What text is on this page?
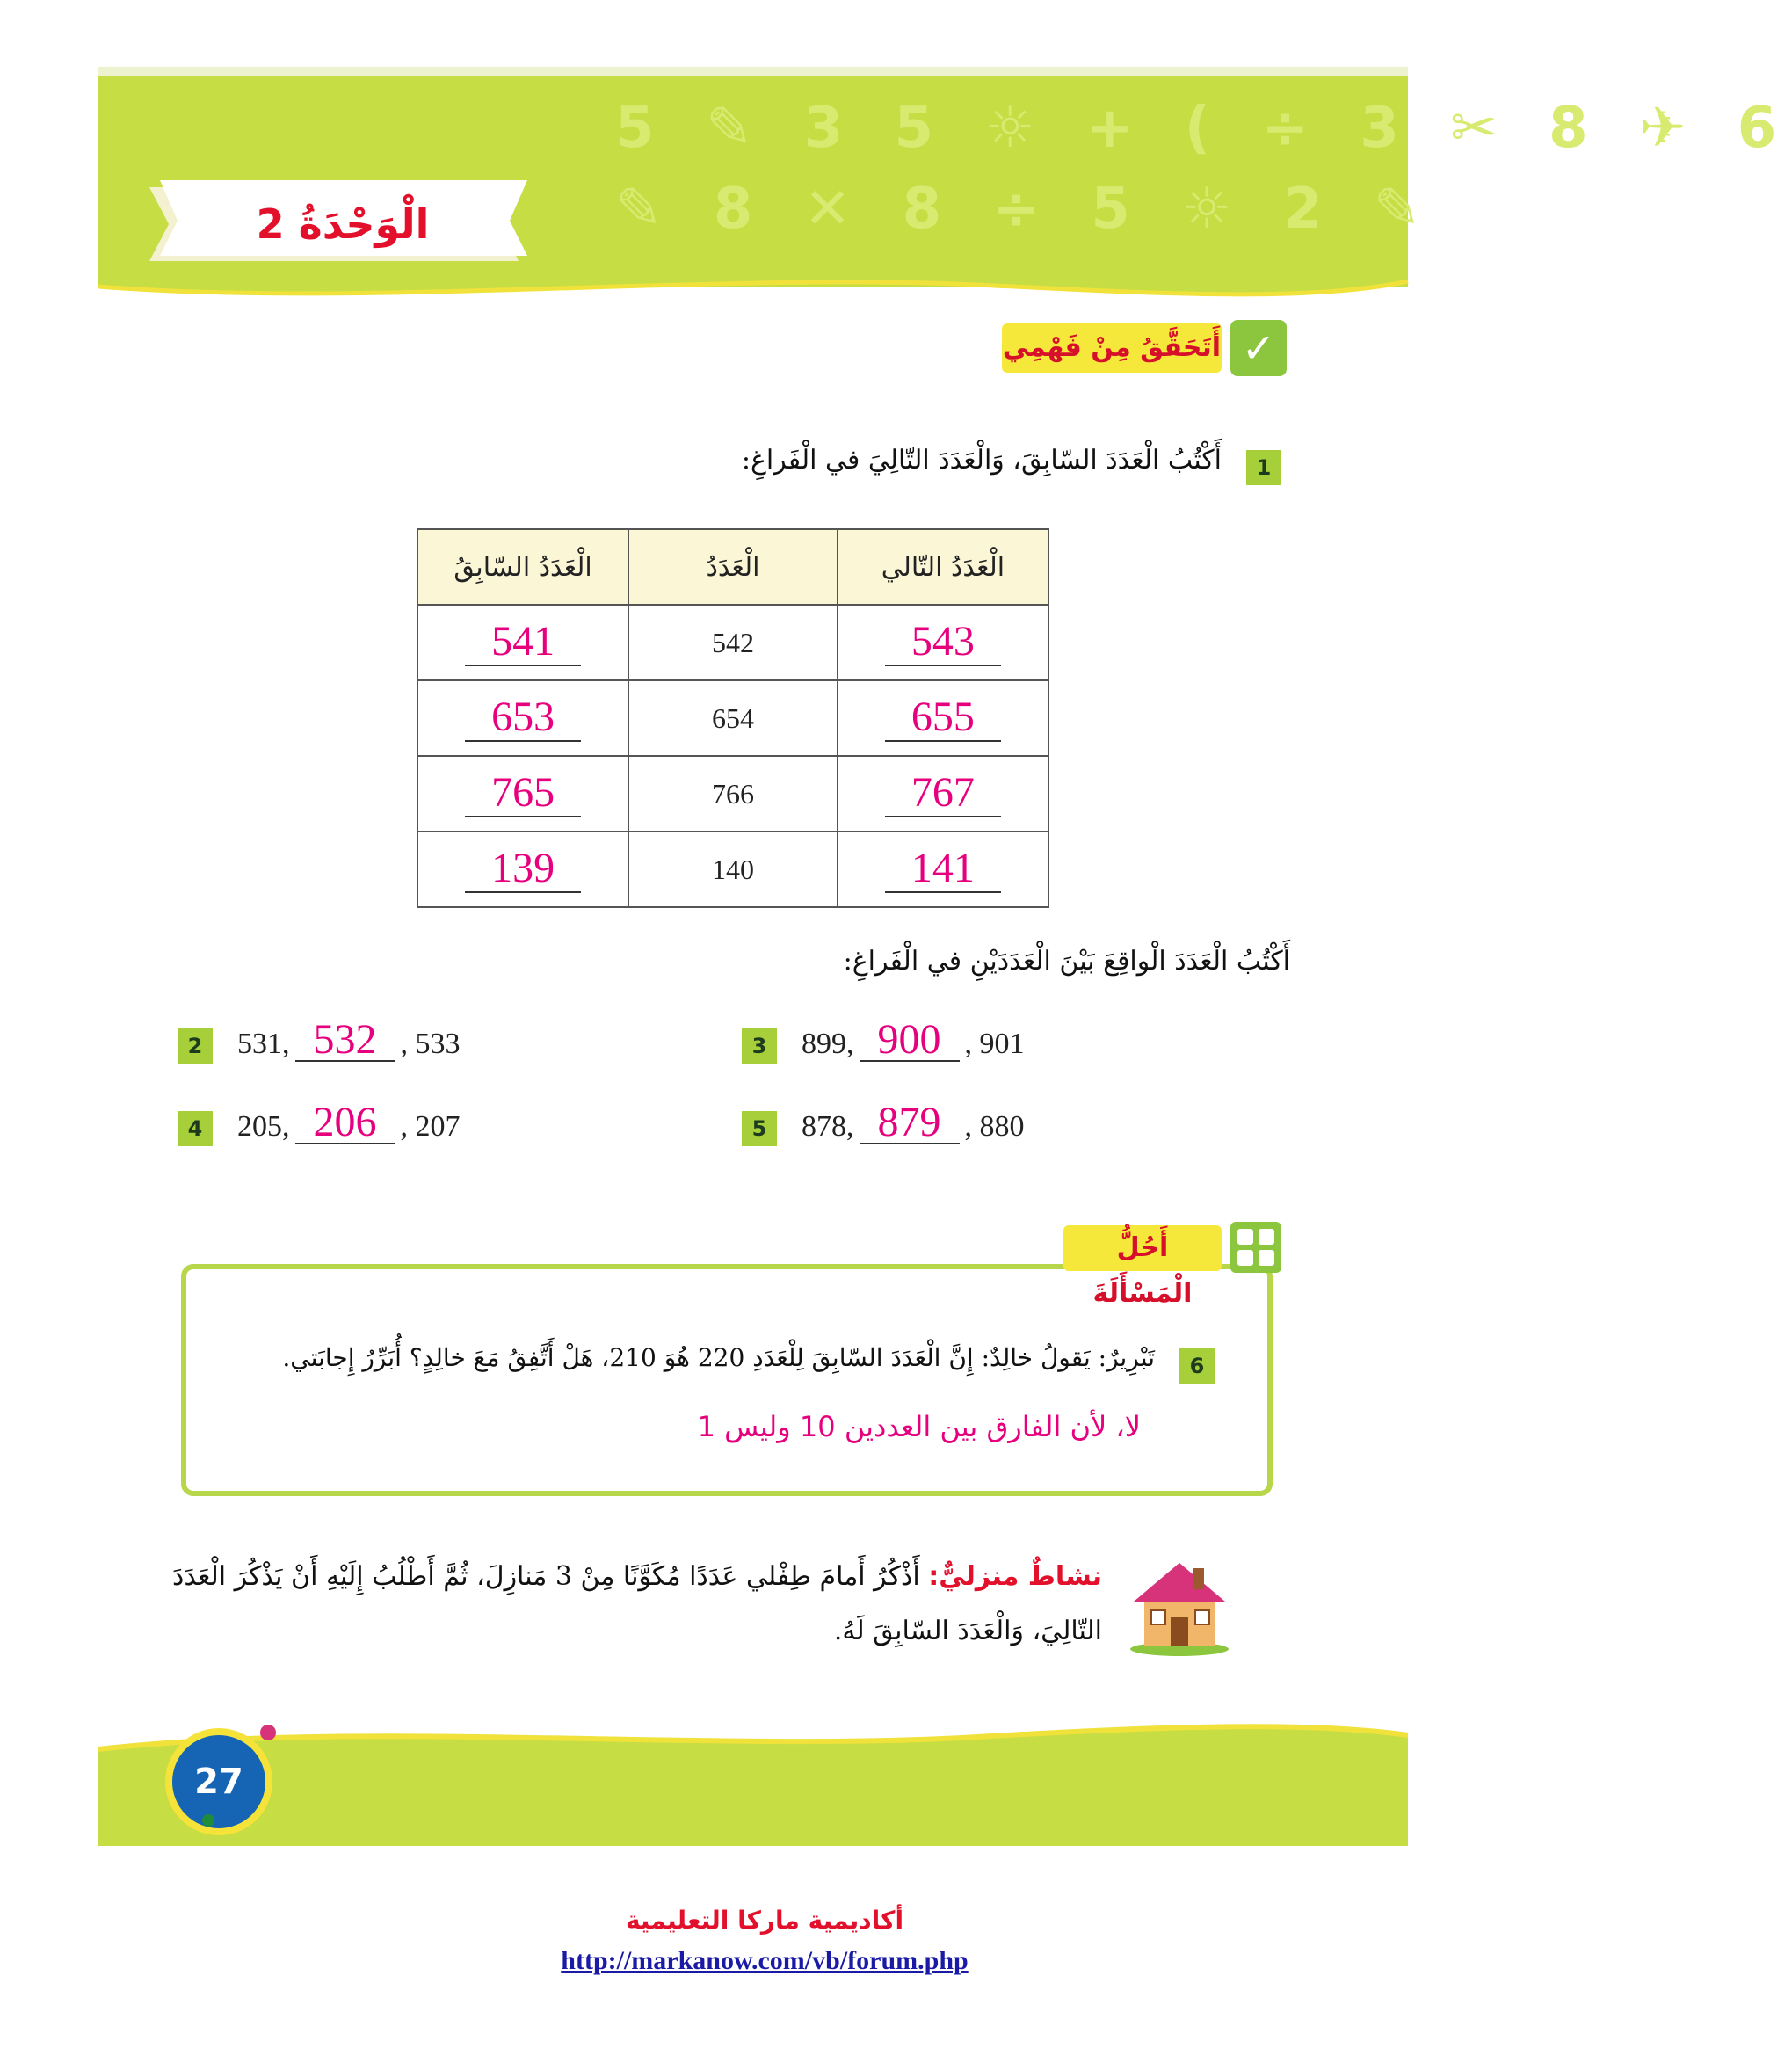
5 ✎ 3 5 ☼ + ( ÷ 3 ✂ 8 ✈ 6
✎ 8 ✕ 8 ÷ 5 ☼ 2 ✎
الْوَحْدَةُ 2
أَتَحَقَّقُ مِنْ فَهْمِي ✓
1
أَكْتُبُ الْعَدَدَ السّابِقَ، وَالْعَدَدَ التّالِيَ في الْفَراغِ:
الْعَدَدُ السّابِقُ	الْعَدَدُ	الْعَدَدُ التّالي
541	542	543
653	654	655
765	766	767
139	140	141
أَكْتُبُ الْعَدَدَ الْواقِعَ بَيْنَ الْعَدَدَيْنِ في الْفَراغِ:
2	531, 532 , 533	3	899, 900 , 901
4	205, 206 , 207	5	878, 879 , 880
أَحُلُّ الْمَسْأَلَةَ
6
تَبْرِيرٌ: يَقولُ خالِدٌ: إِنَّ الْعَدَدَ السّابِقَ لِلْعَدَدِ 220 هُوَ 210، هَلْ أَتَّفِقُ مَعَ خالِدٍ؟ أُبَرِّرُ إِجابَتي.
لا، لأن الفارق بين العددين 10 وليس 1
نشاطٌ منزليٌّ: أَذْكُرُ أَمامَ طِفْلي عَدَدًا مُكَوَّنًا مِنْ 3 مَنازِلَ، ثُمَّ أَطْلُبُ إِلَيْهِ أَنْ يَذْكُرَ الْعَدَدَ
التّالِيَ، وَالْعَدَدَ السّابِقَ لَهُ.
27
أكاديمية ماركا التعليمية
http://markanow.com/vb/forum.php
